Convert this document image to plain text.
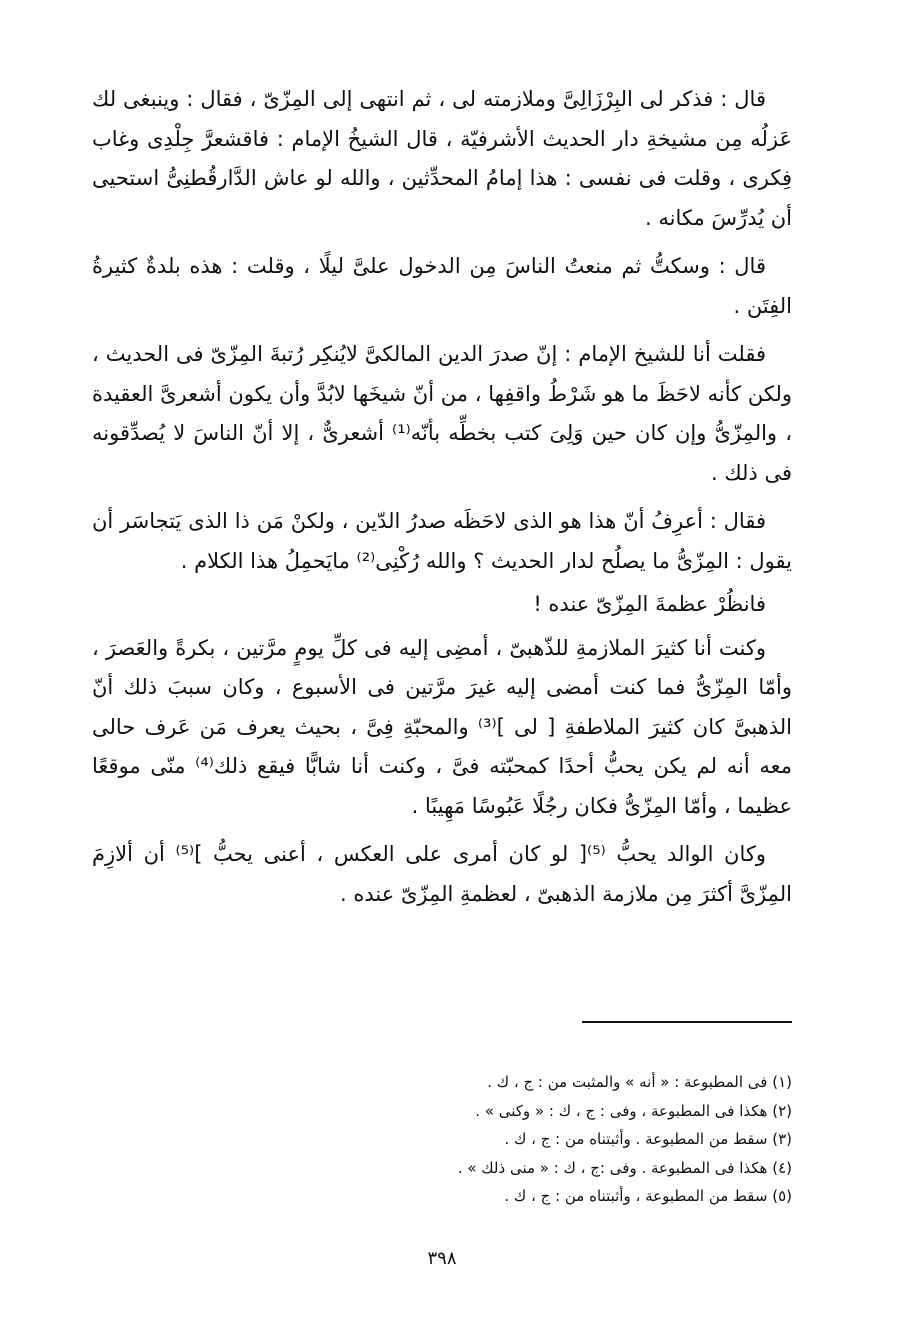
قال : فذكر لى البِرْزَالِىَّ وملازمته لى ، ثم انتهى إلى المِزّىّ ، فقال : وينبغى لك عَزلُه مِن مشيخةِ دار الحديث الأشرفيّة ، قال الشيخُ الإمام : فاقشعرَّ جِلْدِى وغاب فِكرى ، وقلت فى نفسى : هذا إمامُ المحدِّثين ، والله لو عاش الدَّارقُطنِىُّ استحيى أن يُدرِّسَ مكانه .

قال : وسكتُّ ثم منعتُ الناسَ مِن الدخول علىَّ ليلًا ، وقلت : هذه بلدةٌ كثيرةُ الفِتَن .

فقلت أنا للشيخ الإمام : إنّ صدرَ الدين المالكىَّ لايُنكِر رُتبةَ المِزّىّ فى الحديث ، ولكن كأنه لاحَظَ ما هو شَرْطُ واقفِها ، من أنّ شيخَها لابُدَّ وأن يكون أشعرىَّ العقيدة ، والمِزّىُّ وإن كان حين وَلِىَ كتب بخطِّه بأنّه⁽¹⁾ أشعرىٌّ ، إلا أنّ الناسَ لا يُصدِّقونه فى ذلك .

فقال : أعرِفُ أنّ هذا هو الذى لاحَظَه صدرُ الدّين ، ولكنْ مَن ذا الذى يَتجاسَر أن يقول : المِزّىُّ ما يصلُح لدار الحديث ؟ والله رُكْنِى⁽²⁾ مايَحمِلُ هذا الكلام .

فانظُرْ عظمةَ المِزّىّ عنده !

وكنت أنا كثيرَ الملازمةِ للذّهبىّ ، أمضِى إليه فى كلِّ يومٍ مرَّتين ، بكرةً والعَصرَ ، وأمّا المِزّىُّ فما كنت أمضى إليه غيرَ مرَّتين فى الأسبوع ، وكان سببَ ذلك أنّ الذهبىَّ كان كثيرَ الملاطفةِ [ لى ]⁽³⁾ والمحبّةِ فِىَّ ، بحيث يعرف مَن عَرف حالى معه أنه لم يكن يحبُّ أحدًا كمحبّته فىَّ ، وكنت أنا شابًّا فيقع ذلك⁽⁴⁾ منّى موقعًا عظيما ، وأمّا المِزّىُّ فكان رجُلًا عَبُوسًا مَهِيبًا .

وكان الوالد يحبُّ ⁽⁵⁾[ لو كان أمرى على العكس ، أعنى يحبُّ ]⁽⁵⁾ أن ألازِمَ المِزّىَّ أكثرَ مِن ملازمة الذهبىّ ، لعظمةِ المِزّىّ عنده .

(١) فى المطبوعة : « أنه » والمثبت من : ج ، ك .
(٢) هكذا فى المطبوعة ، وفى : ج ، ك : « وكنى » .
(٣) سقط من المطبوعة . وأثبتناه من : ج ، ك .
(٤) هكذا فى المطبوعة . وفى :ج ، ك : « منى ذلك » .
(٥) سقط من المطبوعة ، وأثبتناه من : ج ، ك .
٣٩٨
